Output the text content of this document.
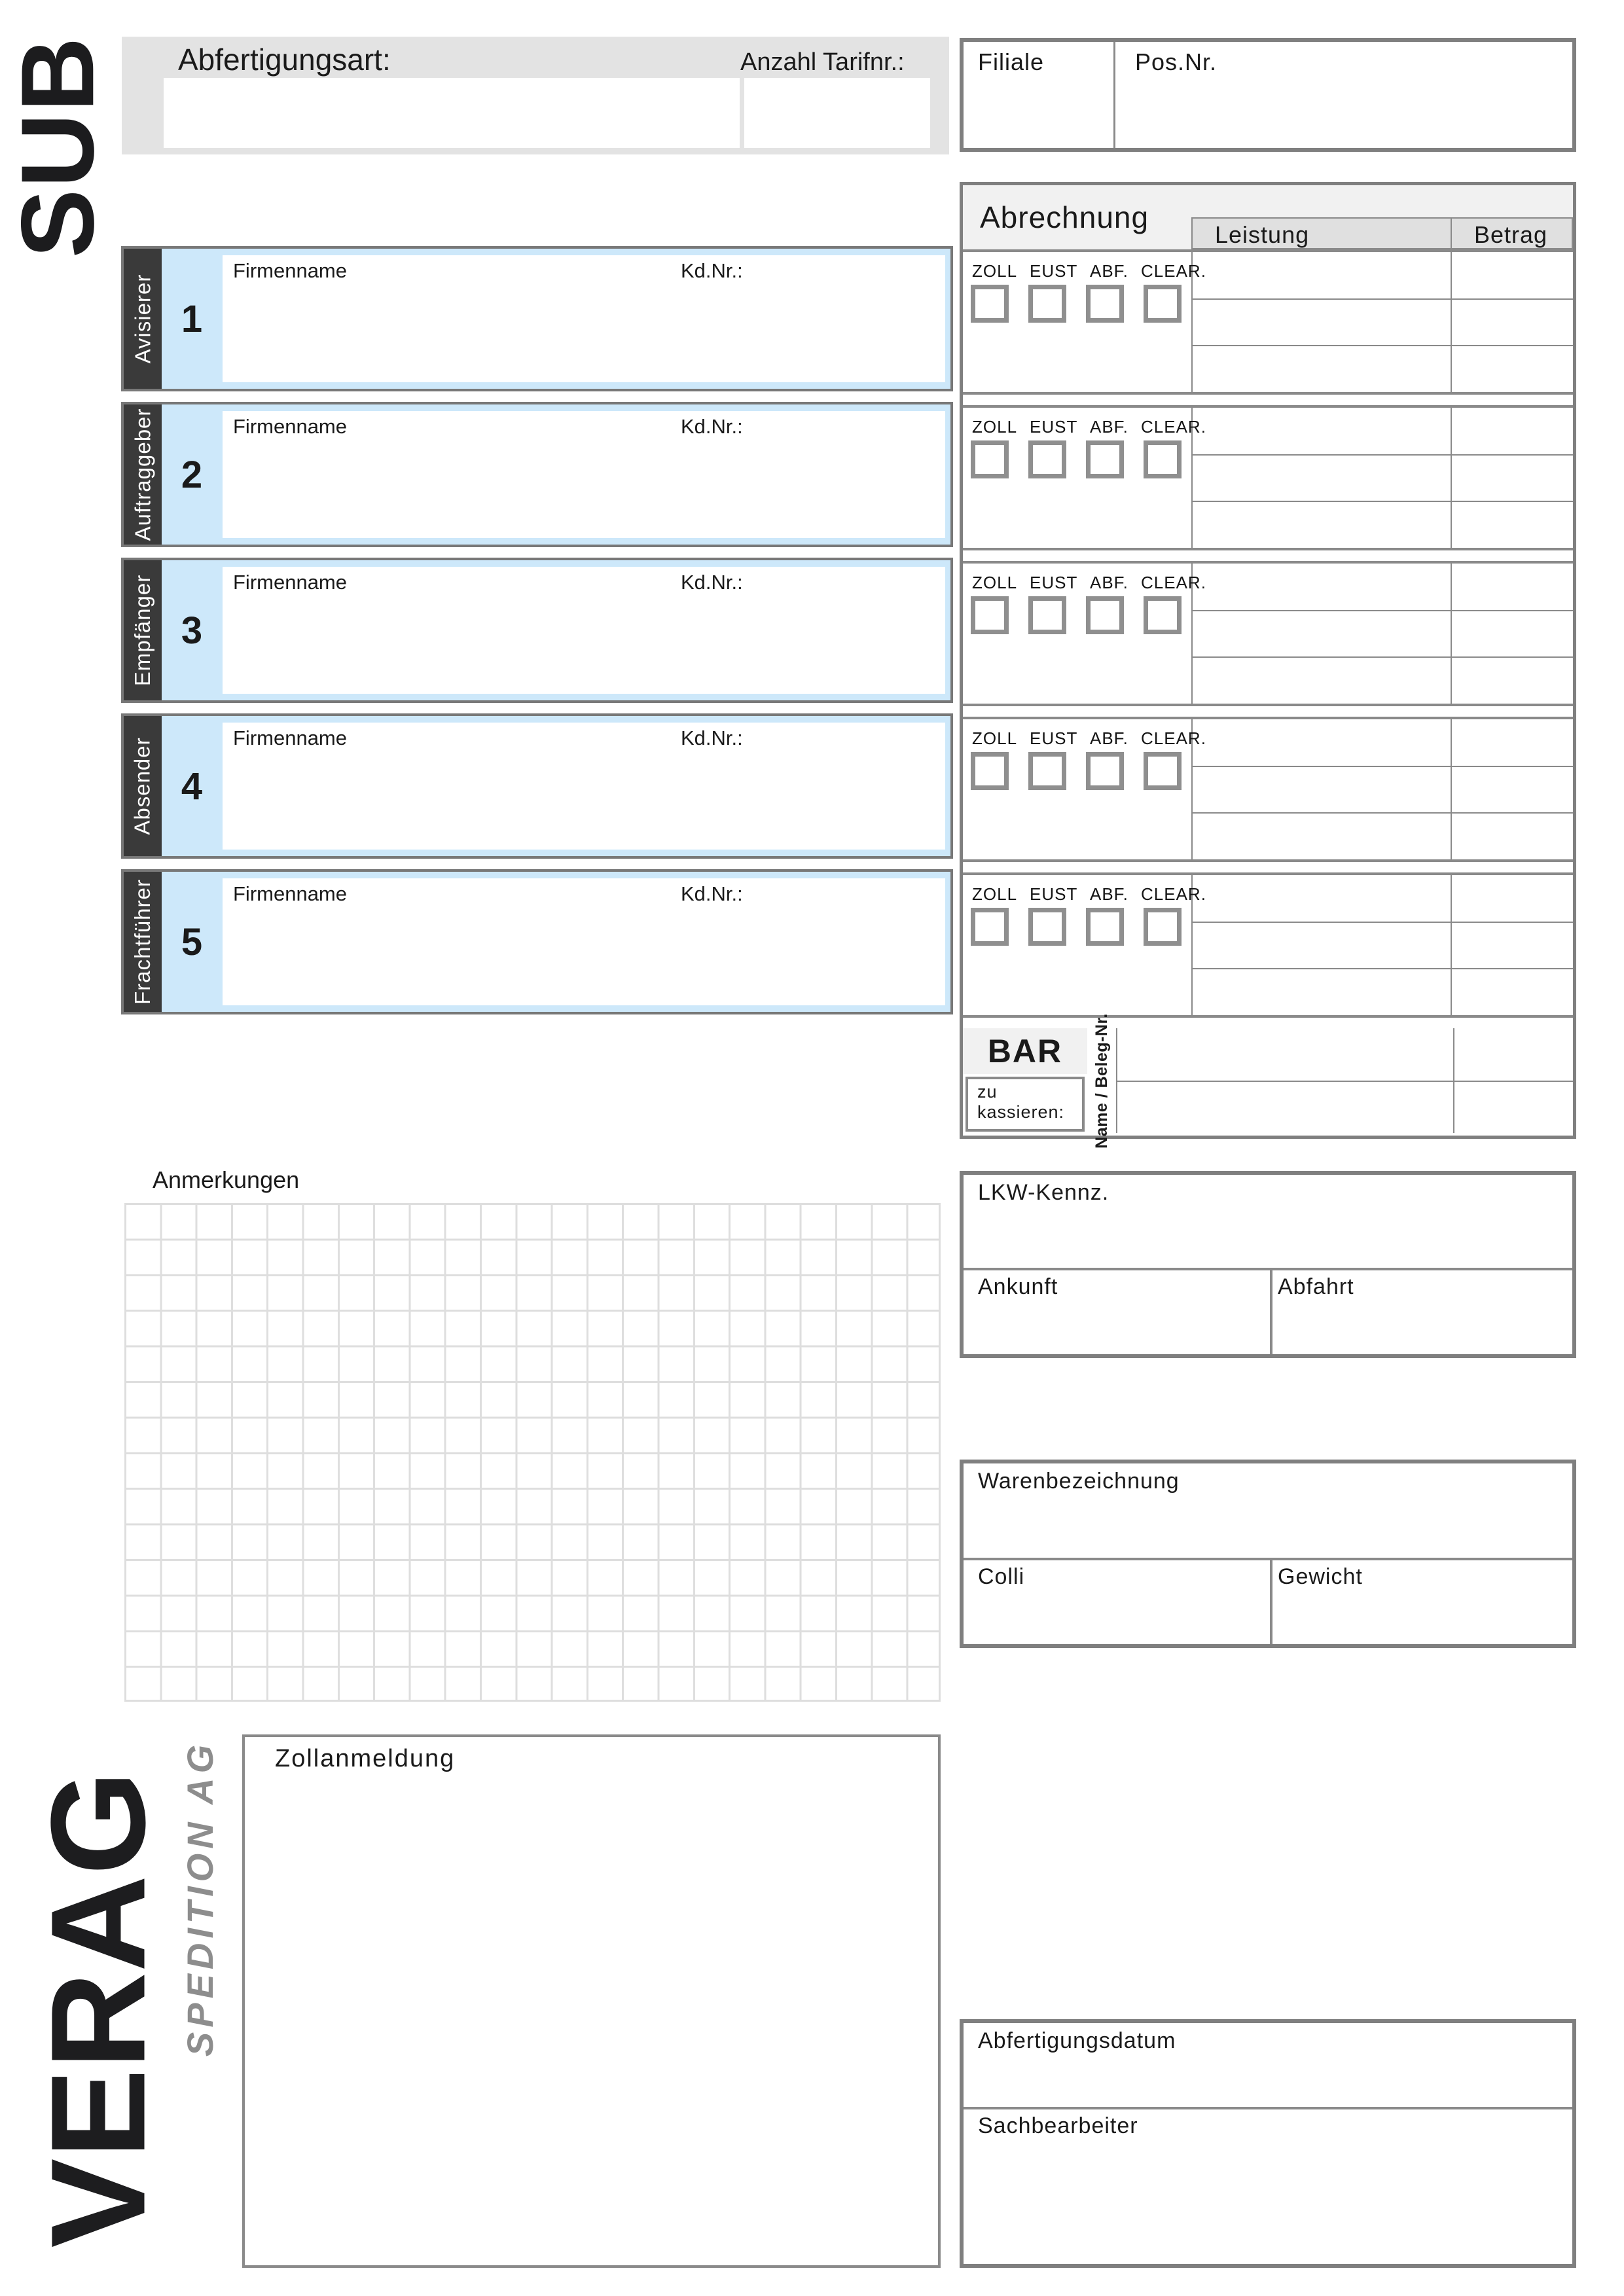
SUB Abfertigungsart:	Anzahl Tarifnr.:	Filiale	Pos.Nr.
Avisierer 1
Firmenname	Kd.Nr.:
Auftraggeber 2
Firmenname	Kd.Nr.:
Empfänger 3
Firmenname	Kd.Nr.:
Absender 4
Firmenname	Kd.Nr.:
Frachtführer 5
Firmenname	Kd.Nr.:
Abrechnung
Leistung	Betrag
ZOLL EUST ABF. CLEAR.
ZOLL EUST ABF. CLEAR.
ZOLL EUST ABF. CLEAR.
ZOLL EUST ABF. CLEAR.
ZOLL EUST ABF. CLEAR.
BAR
zu kassieren:	Name / Beleg-Nr.
Anmerkungen	LKW-Kennz.
Ankunft	Abfahrt
Warenbezeichnung
Colli	Gewicht
Zollanmeldung
Abfertigungsdatum
Sachbearbeiter
VERAG SPEDITION AG
